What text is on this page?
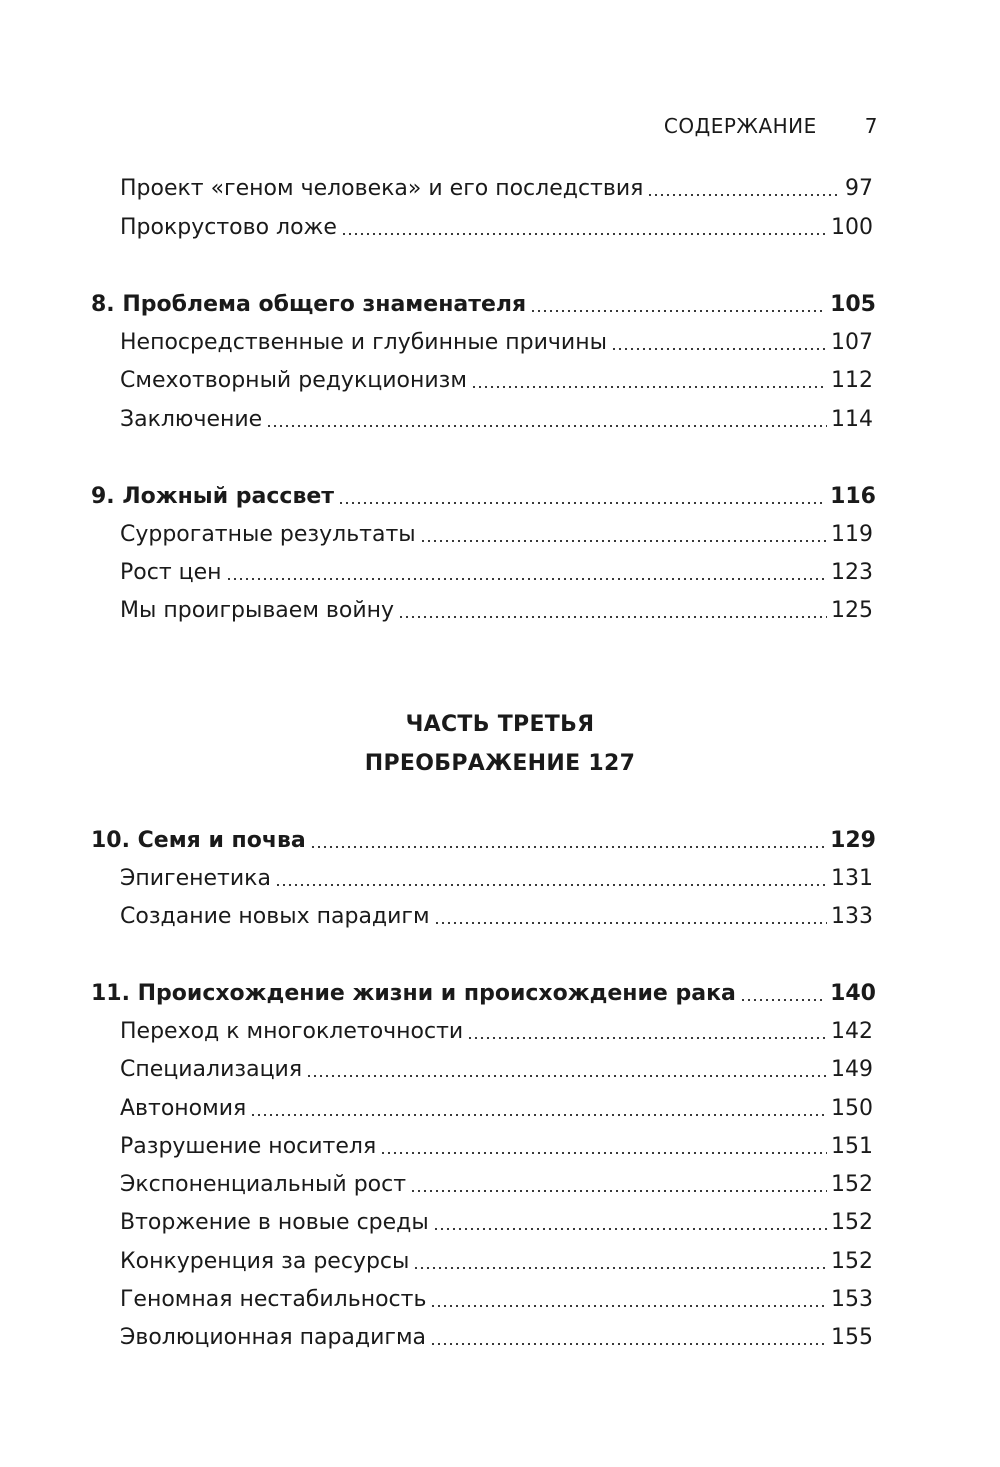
СОДЕРЖАНИЕ 7
Проект «геном человека» и его последствия	97
Прокрустово ложе	100
8. Проблема общего знаменателя	105
Непосредственные и глубинные причины	107
Смехотворный редукционизм	112
Заключение	114
9. Ложный рассвет	116
Суррогатные результаты	119
Рост цен	123
Мы проигрываем войну	125
ЧАСТЬ ТРЕТЬЯ
ПРЕОБРАЖЕНИЕ 127
10. Семя и почва	129
Эпигенетика	131
Создание новых парадигм	133
11. Происхождение жизни и происхождение рака	140
Переход к многоклеточности	142
Специализация	149
Автономия	150
Разрушение носителя	151
Экспоненциальный рост	152
Вторжение в новые среды	152
Конкуренция за ресурсы	152
Геномная нестабильность	153
Эволюционная парадигма	155
